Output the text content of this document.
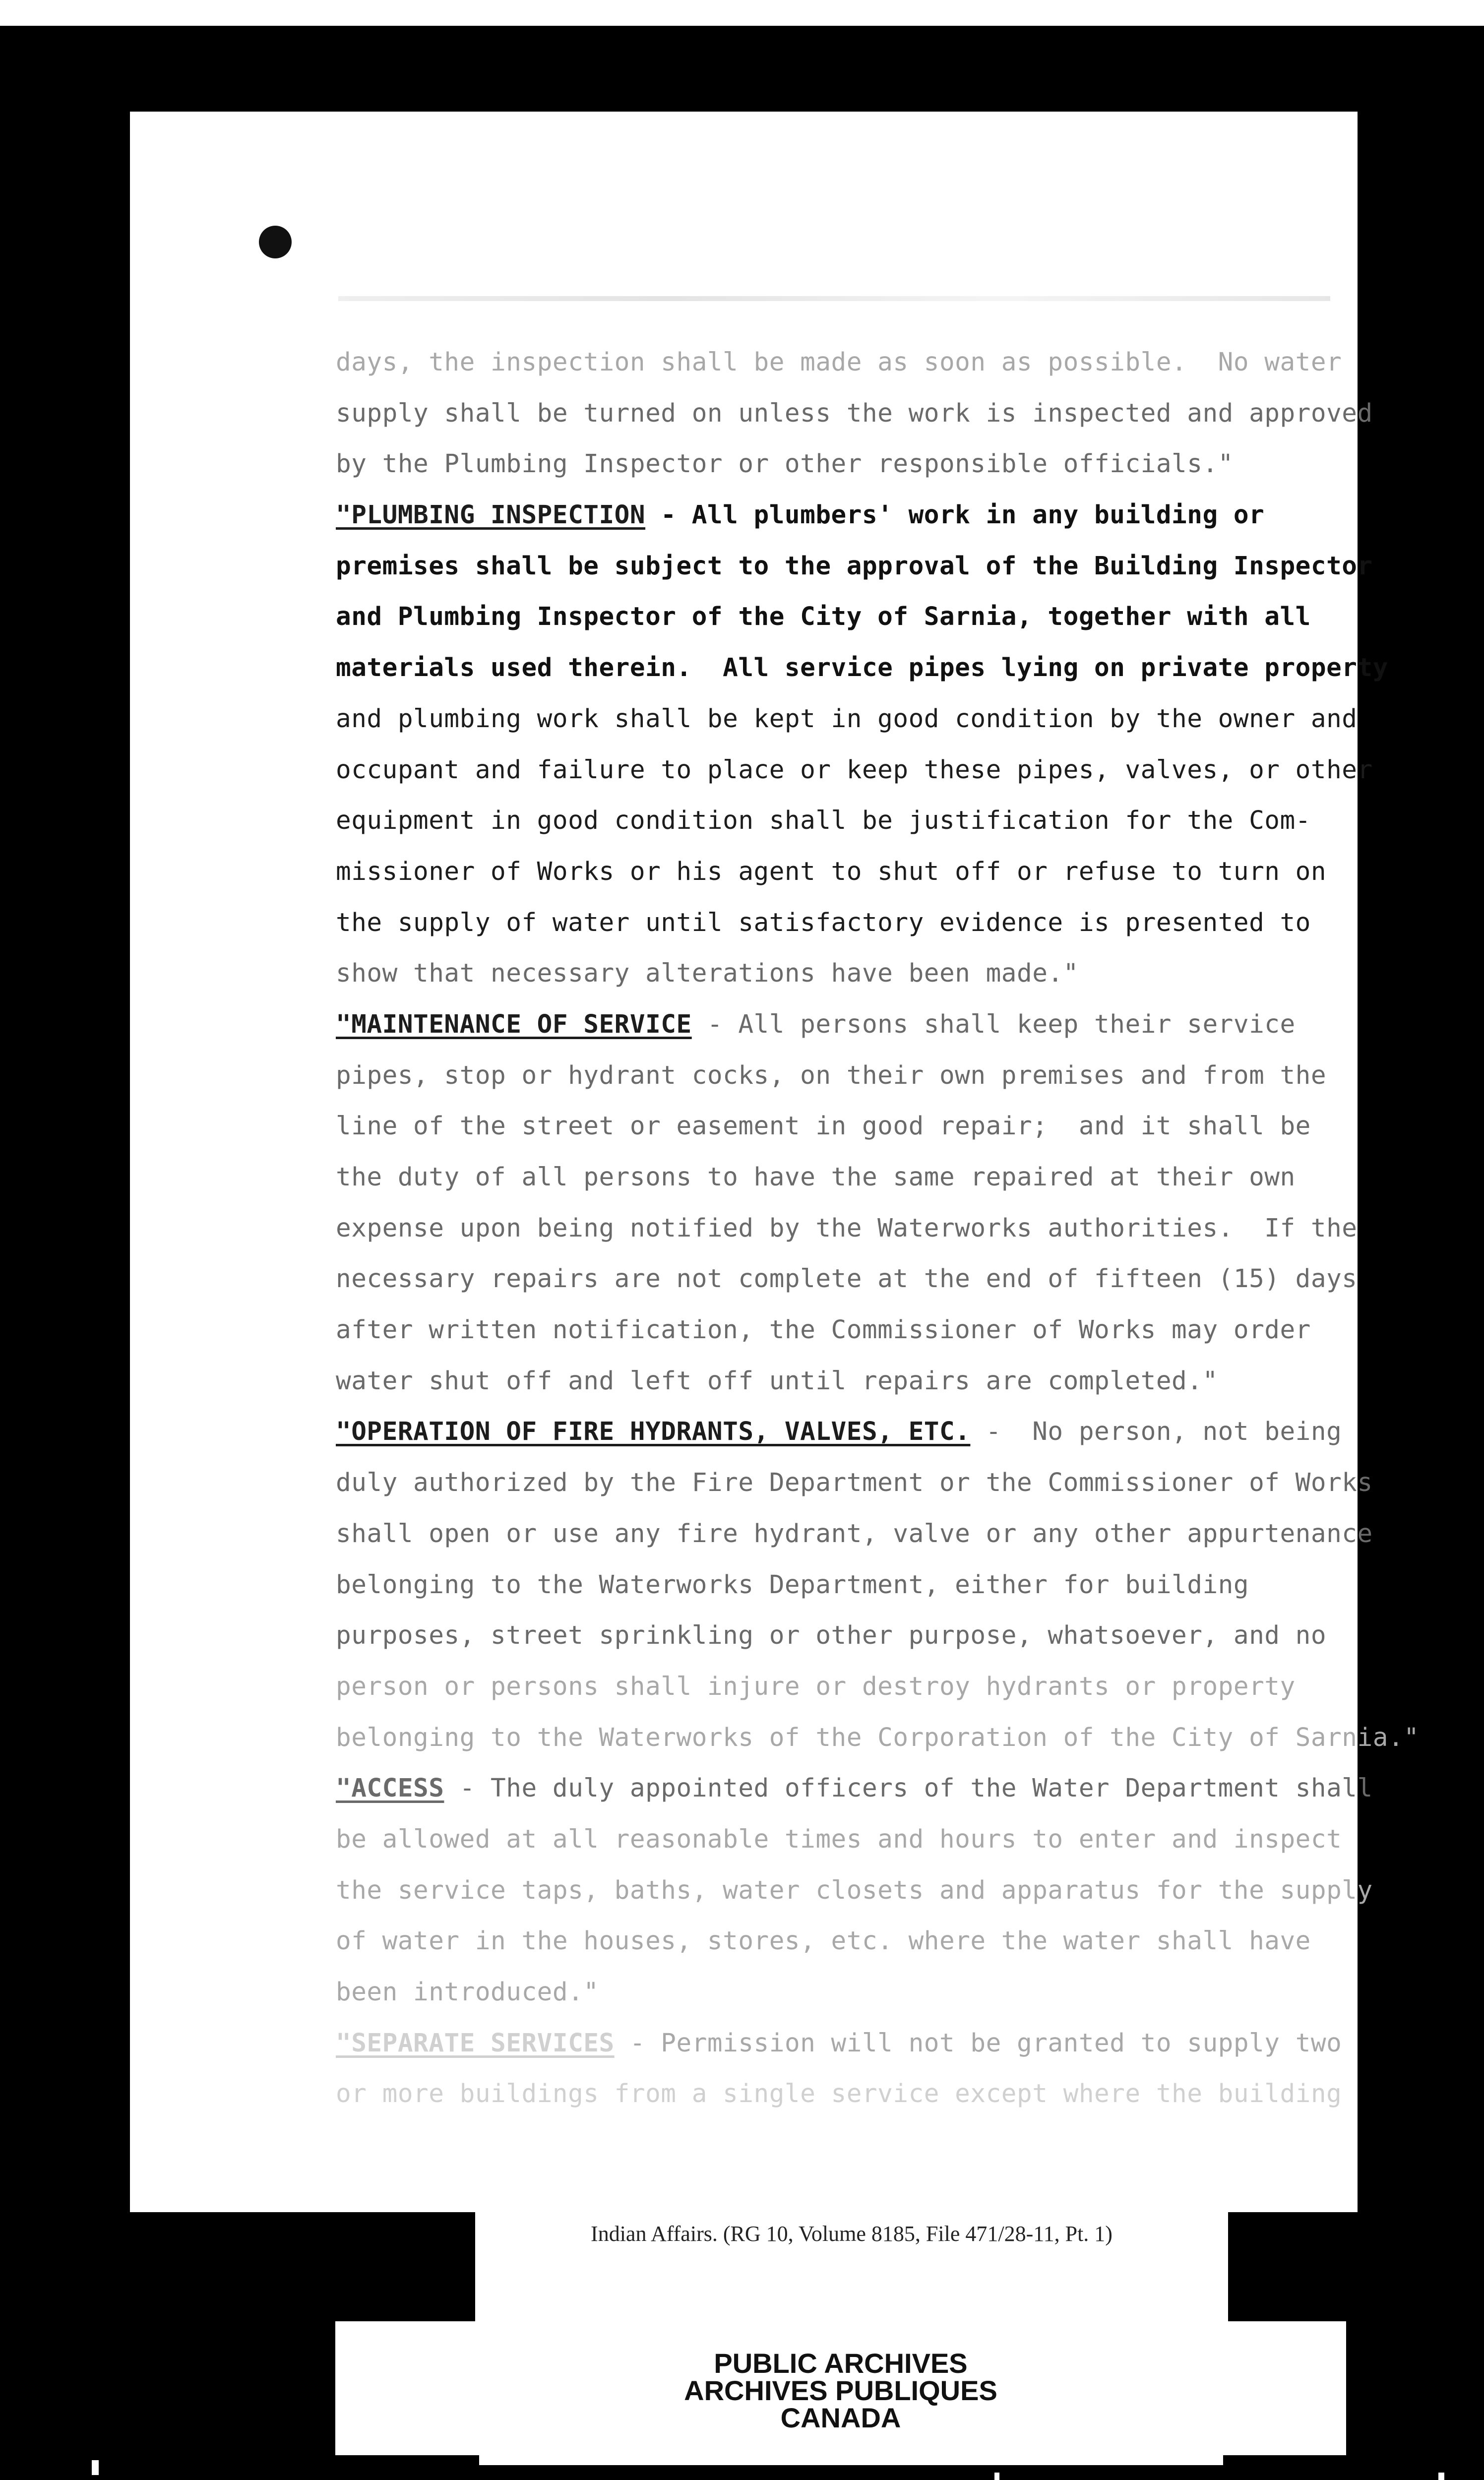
days, the inspection shall be made as soon as possible.  No water
supply shall be turned on unless the work is inspected and approved
by the Plumbing Inspector or other responsible officials."
"PLUMBING INSPECTION - All plumbers' work in any building or
premises shall be subject to the approval of the Building Inspector
and Plumbing Inspector of the City of Sarnia, together with all
materials used therein.  All service pipes lying on private property
and plumbing work shall be kept in good condition by the owner and
occupant and failure to place or keep these pipes, valves, or other
equipment in good condition shall be justification for the Com-
missioner of Works or his agent to shut off or refuse to turn on
the supply of water until satisfactory evidence is presented to
show that necessary alterations have been made."
"MAINTENANCE OF SERVICE - All persons shall keep their service
pipes, stop or hydrant cocks, on their own premises and from the
line of the street or easement in good repair;  and it shall be
the duty of all persons to have the same repaired at their own
expense upon being notified by the Waterworks authorities.  If the
necessary repairs are not complete at the end of fifteen (15) days
after written notification, the Commissioner of Works may order
water shut off and left off until repairs are completed."
"OPERATION OF FIRE HYDRANTS, VALVES, ETC. -  No person, not being
duly authorized by the Fire Department or the Commissioner of Works
shall open or use any fire hydrant, valve or any other appurtenance
belonging to the Waterworks Department, either for building
purposes, street sprinkling or other purpose, whatsoever, and no
person or persons shall injure or destroy hydrants or property
belonging to the Waterworks of the Corporation of the City of Sarnia."
"ACCESS - The duly appointed officers of the Water Department shall
be allowed at all reasonable times and hours to enter and inspect
the service taps, baths, water closets and apparatus for the supply
of water in the houses, stores, etc. where the water shall have
been introduced."
"SEPARATE SERVICES - Permission will not be granted to supply two
or more buildings from a single service except where the building
Indian Affairs. (RG 10, Volume 8185, File 471/28-11, Pt. 1)
PUBLIC ARCHIVES
ARCHIVES PUBLIQUES
CANADA
